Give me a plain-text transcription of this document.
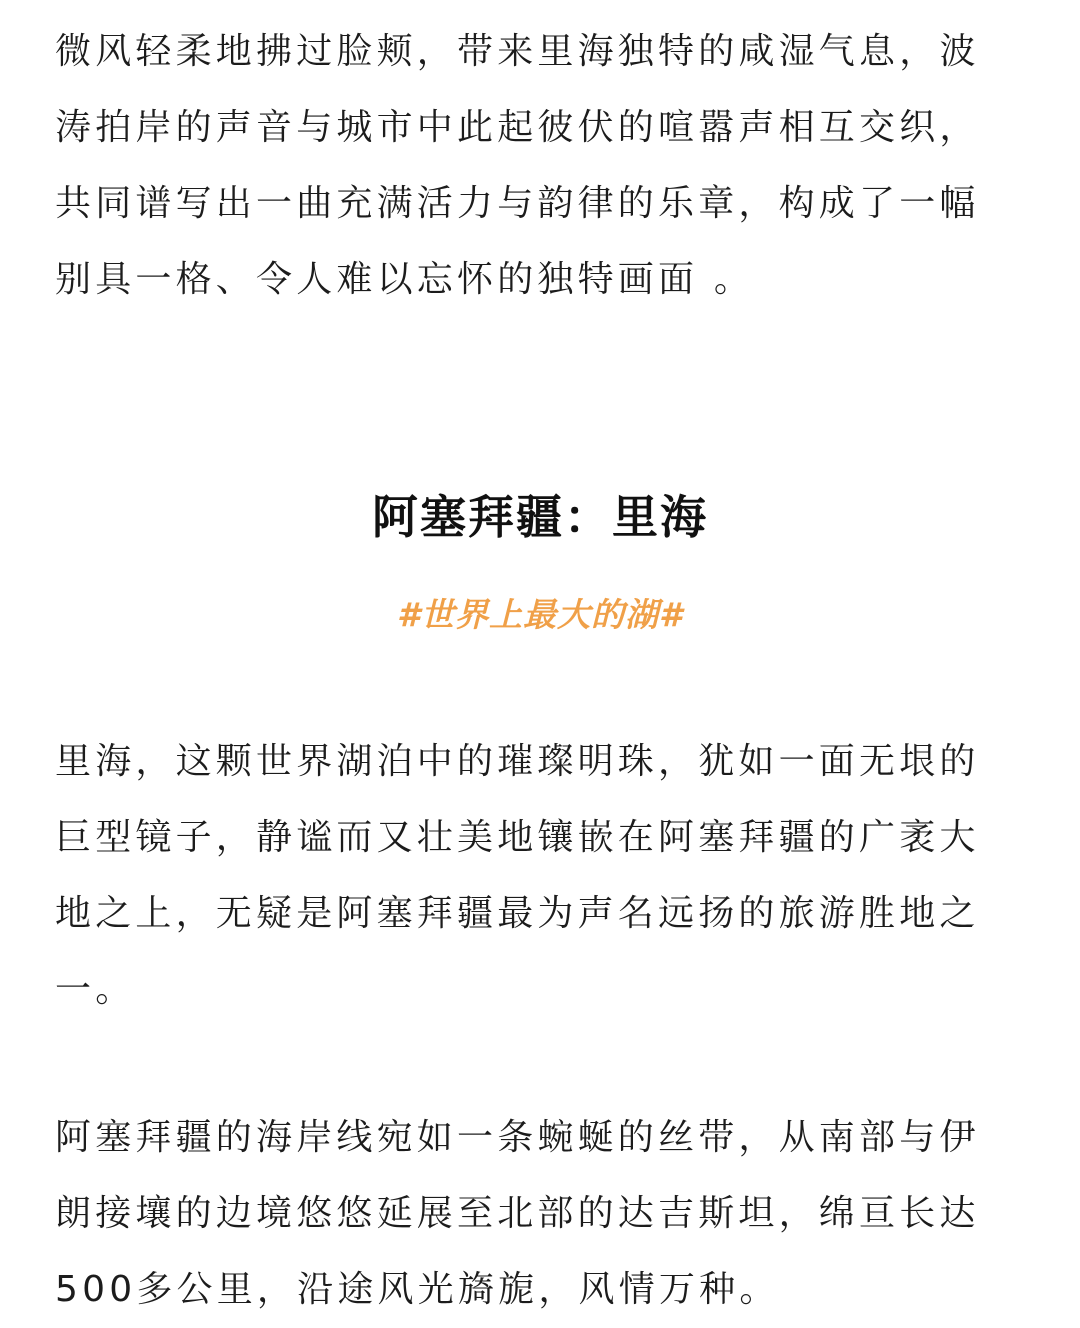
微风轻柔地拂过脸颊，带来里海独特的咸湿气息，波
涛拍岸的声音与城市中此起彼伏的喧嚣声相互交织，
共同谱写出一曲充满活力与韵律的乐章，构成了一幅
别具一格、令人难以忘怀的独特画面 。

阿塞拜疆：里海
#世界上最大的湖#

里海，这颗世界湖泊中的璀璨明珠，犹如一面无垠的
巨型镜子，静谧而又壮美地镶嵌在阿塞拜疆的广袤大
地之上，无疑是阿塞拜疆最为声名远扬的旅游胜地之
一。

阿塞拜疆的海岸线宛如一条蜿蜒的丝带，从南部与伊
朗接壤的边境悠悠延展至北部的达吉斯坦，绵亘长达
500多公里，沿途风光旖旎，风情万种。
